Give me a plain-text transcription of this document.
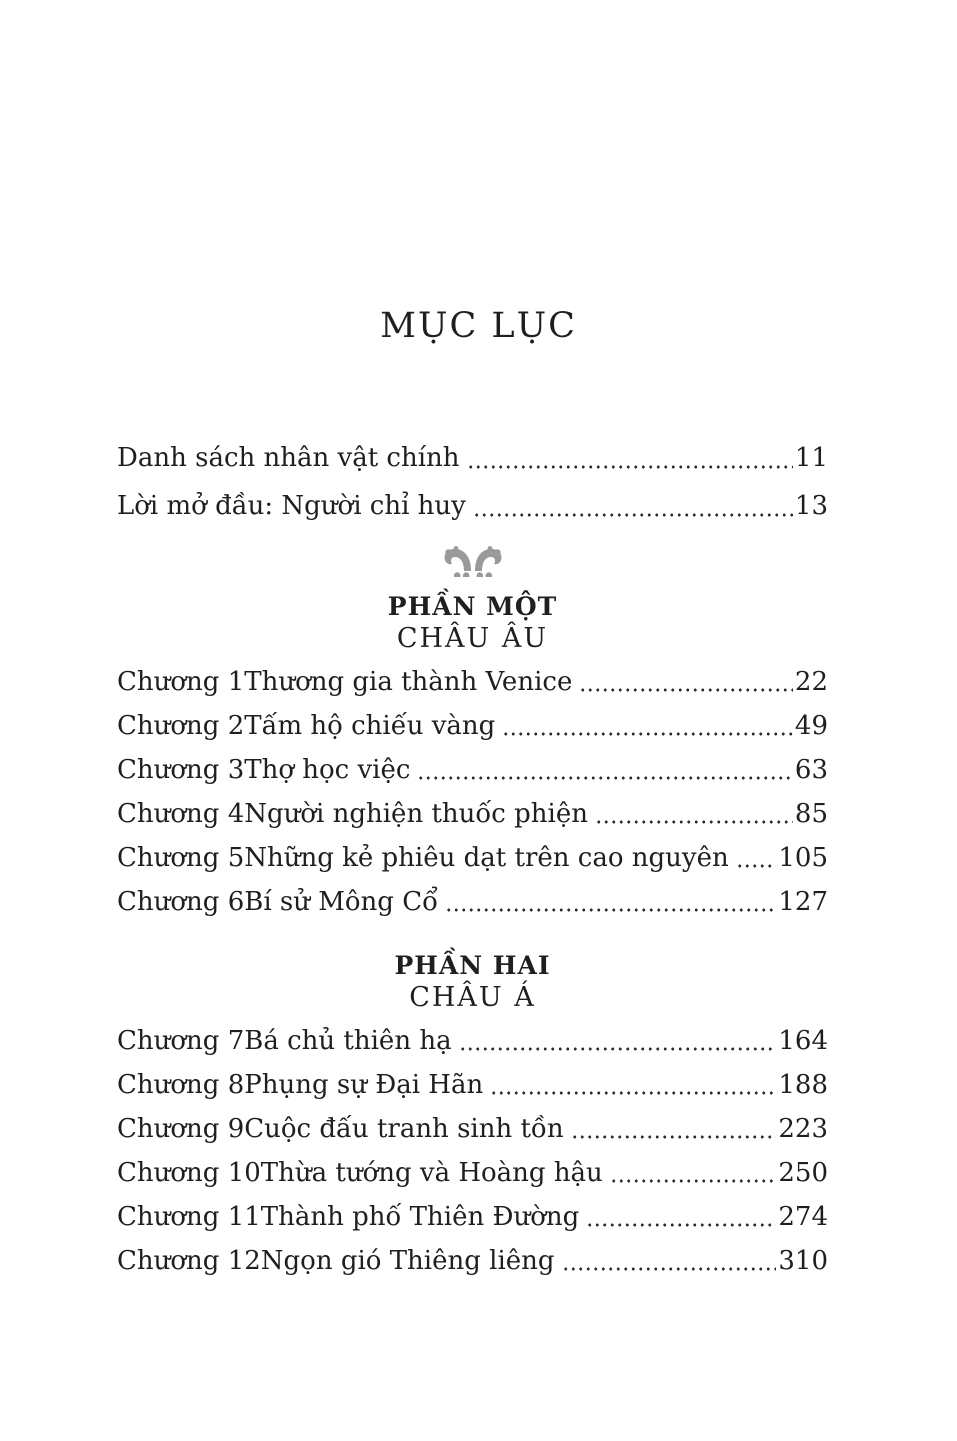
MỤC LỤC
Danh sách nhân vật chính	11
Lời mở đầu: Người chỉ huy	13
PHẦN MỘT
CHÂU ÂU
Chương 1 Thương gia thành Venice	22
Chương 2 Tấm hộ chiếu vàng	49
Chương 3 Thợ học việc	63
Chương 4 Người nghiện thuốc phiện	85
Chương 5 Những kẻ phiêu dạt trên cao nguyên 105
Chương 6 Bí sử Mông Cổ	127
PHẦN HAI
CHÂU Á
Chương 7 Bá chủ thiên hạ	164
Chương 8 Phụng sự Đại Hãn	188
Chương 9 Cuộc đấu tranh sinh tồn	223
Chương 10 Thừa tướng và Hoàng hậu	250
Chương 11 Thành phố Thiên Đường	274
Chương 12 Ngọn gió Thiêng liêng	310
